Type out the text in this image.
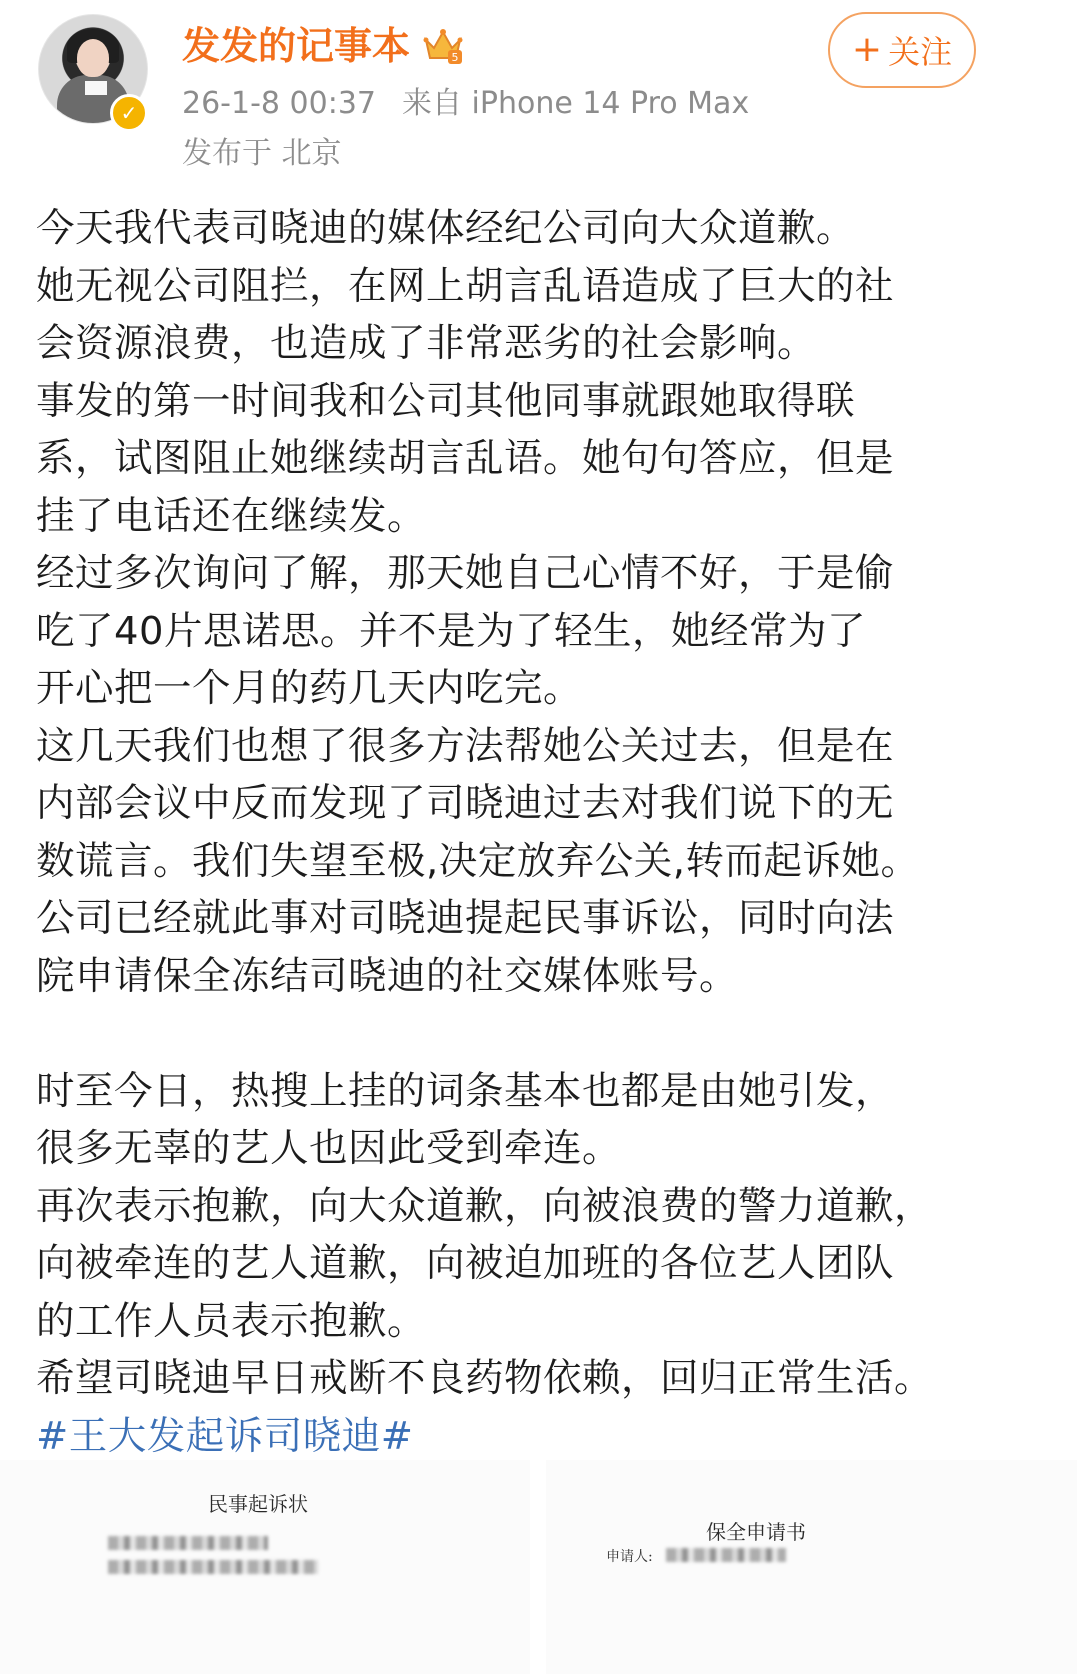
✓
发发的记事本	5
26-1-8 00:37 来自 iPhone 14 Pro Max
发布于 北京
+ 关注

今天我代表司晓迪的媒体经纪公司向大众道歉。

她无视公司阻拦，在网上胡言乱语造成了巨大的社

会资源浪费，也造成了非常恶劣的社会影响。

事发的第一时间我和公司其他同事就跟她取得联

系，试图阻止她继续胡言乱语。她句句答应，但是

挂了电话还在继续发。

经过多次询问了解，那天她自己心情不好，于是偷

吃了40片思诺思。并不是为了轻生，她经常为了

开心把一个月的药几天内吃完。

这几天我们也想了很多方法帮她公关过去，但是在

内部会议中反而发现了司晓迪过去对我们说下的无

数谎言。我们失望至极,决定放弃公关,转而起诉她。

公司已经就此事对司晓迪提起民事诉讼，同时向法

院申请保全冻结司晓迪的社交媒体账号。

时至今日，热搜上挂的词条基本也都是由她引发，

很多无辜的艺人也因此受到牵连。

再次表示抱歉，向大众道歉，向被浪费的警力道歉，

向被牵连的艺人道歉，向被迫加班的各位艺人团队

的工作人员表示抱歉。

希望司晓迪早日戒断不良药物依赖，回归正常生活。

#王大发起诉司晓迪#

民事起诉状
保全申请书
申请人:
